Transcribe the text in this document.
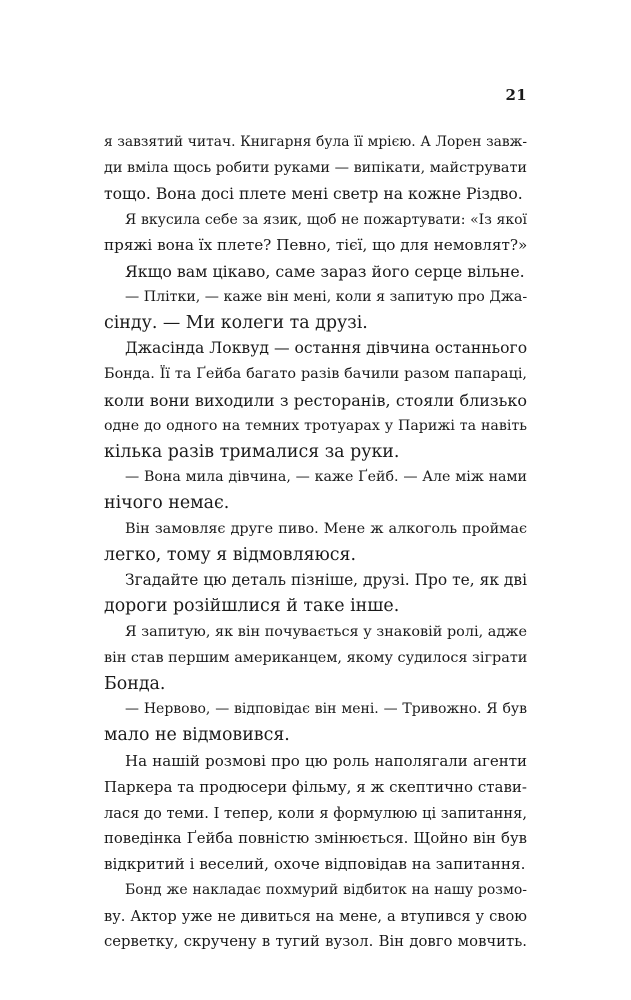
21
я завзятий читач. Книгарня була її мрією. А Лорен завж-
ди вміла щось робити руками — випікати, майструвати
тощо. Вона досі плете мені светр на кожне Різдво.
Я вкусила себе за язик, щоб не пожартувати: «Із якої
пряжі вона їх плете? Певно, тієї, що для немовлят?»
Якщо вам цікаво, саме зараз його серце вільне.
— Плітки, — каже він мені, коли я запитую про Джа-
сінду. — Ми колеги та друзі.
Джасінда Локвуд — остання дівчина останнього
Бонда. Її та Ґейба багато разів бачили разом папараці,
коли вони виходили з ресторанів, стояли близько
одне до одного на темних тротуарах у Парижі та навіть
кілька разів трималися за руки.
— Вона мила дівчина, — каже Ґейб. — Але між нами
нічого немає.
Він замовляє друге пиво. Мене ж алкоголь проймає
легко, тому я відмовляюся.
Згадайте цю деталь пізніше, друзі. Про те, як дві
дороги розійшлися й таке інше.
Я запитую, як він почувається у знаковій ролі, адже
він став першим американцем, якому судилося зіграти
Бонда.
— Нервово, — відповідає він мені. — Тривожно. Я був
мало не відмовився.
На нашій розмові про цю роль наполягали агенти
Паркера та продюсери фільму, я ж скептично стави-
лася до теми. І тепер, коли я формулюю ці запитання,
поведінка Ґейба повністю змінюється. Щойно він був
відкритий і веселий, охоче відповідав на запитання.
Бонд же накладає похмурий відбиток на нашу розмо-
ву. Актор уже не дивиться на мене, а втупився у свою
серветку, скручену в тугий вузол. Він довго мовчить.
